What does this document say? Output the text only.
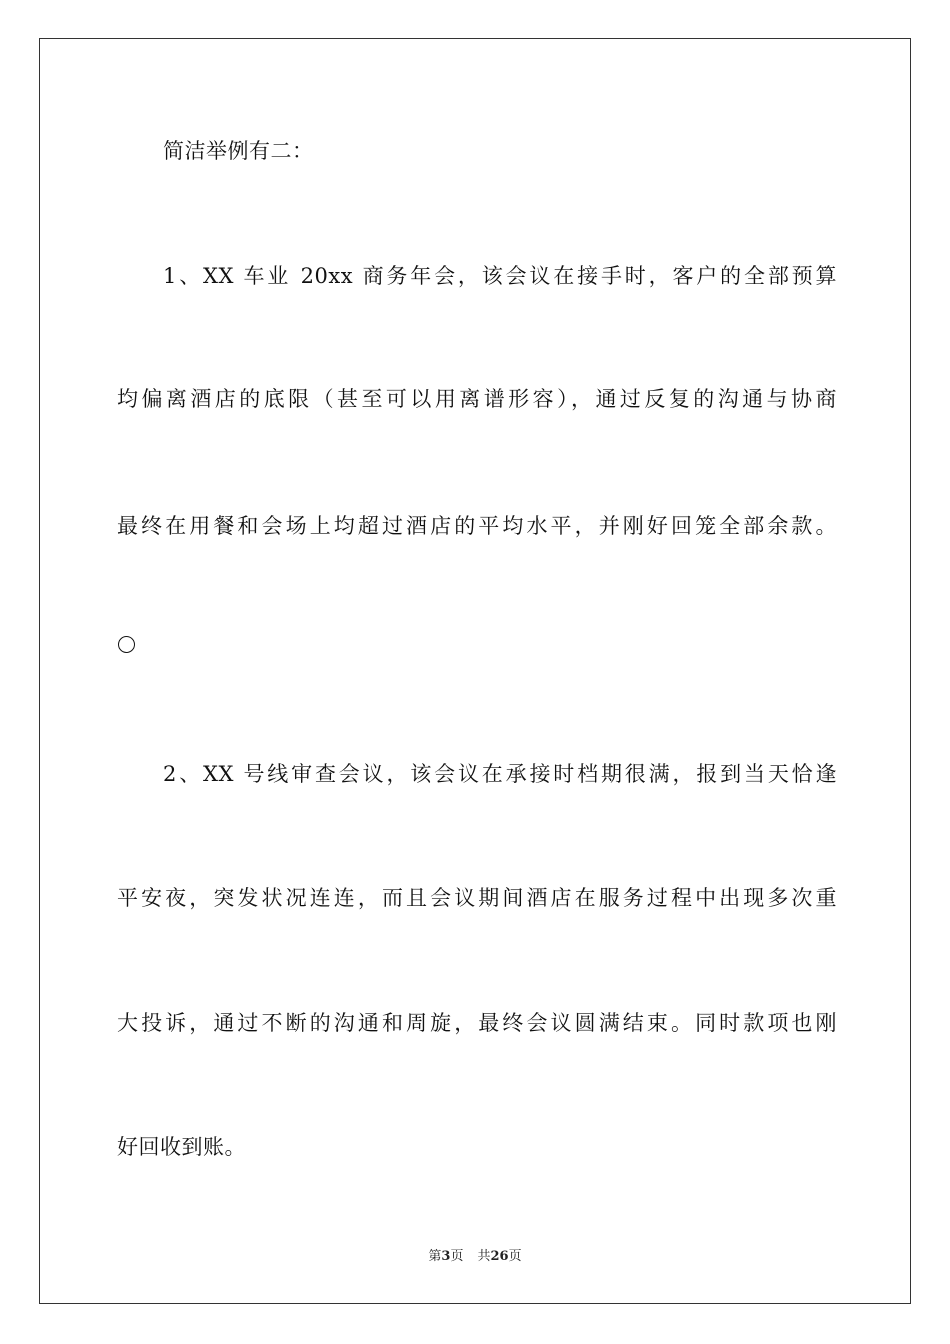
简洁举例有二：
1、XX 车业 20xx 商务年会，该会议在接手时，客户的全部预算
均偏离酒店的底限（甚至可以用离谱形容），通过反复的沟通与协商
最终在用餐和会场上均超过酒店的平均水平，并刚好回笼全部余款。
2、XX 号线审查会议，该会议在承接时档期很满，报到当天恰逢
平安夜，突发状况连连，而且会议期间酒店在服务过程中出现多次重
大投诉，通过不断的沟通和周旋，最终会议圆满结束。同时款项也刚
好回收到账。
第3页 共26页
